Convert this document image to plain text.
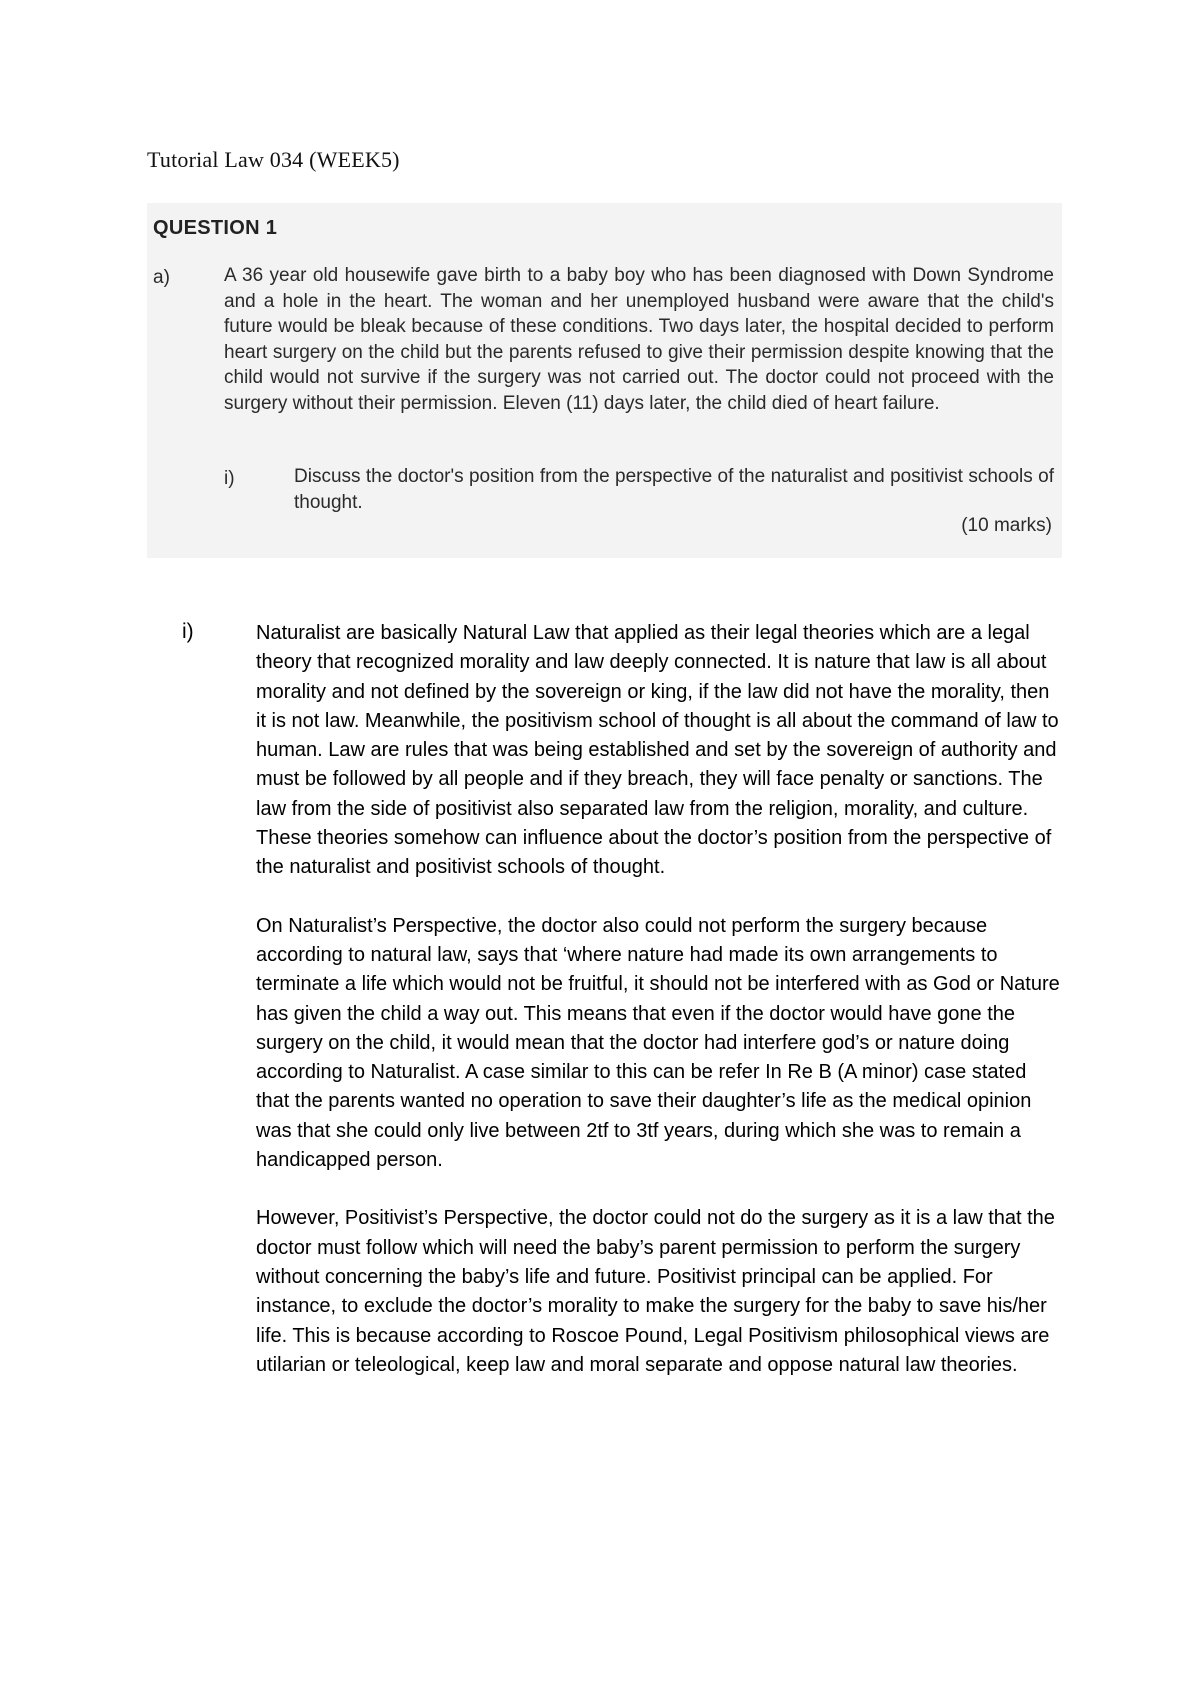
Tutorial Law 034 (WEEK5)
QUESTION 1
a)	A 36 year old housewife gave birth to a baby boy who has been diagnosed with Down Syndrome and a hole in the heart. The woman and her unemployed husband were aware that the child's future would be bleak because of these conditions. Two days later, the hospital decided to perform heart surgery on the child but the parents refused to give their permission despite knowing that the child would not survive if the surgery was not carried out. The doctor could not proceed with the surgery without their permission. Eleven (11) days later, the child died of heart failure.
i)	Discuss the doctor's position from the perspective of the naturalist and positivist schools of thought.
(10 marks)
i)	Naturalist are basically Natural Law that applied as their legal theories which are a legal theory that recognized morality and law deeply connected. It is nature that law is all about morality and not defined by the sovereign or king, if the law did not have the morality, then it is not law. Meanwhile, the positivism school of thought is all about the command of law to human. Law are rules that was being established and set by the sovereign of authority and must be followed by all people and if they breach, they will face penalty or sanctions. The law from the side of positivist also separated law from the religion, morality, and culture. These theories somehow can influence about the doctor’s position from the perspective of the naturalist and positivist schools of thought.

On Naturalist’s Perspective, the doctor also could not perform the surgery because according to natural law, says that ‘where nature had made its own arrangements to terminate a life which would not be fruitful, it should not be interfered with as God or Nature has given the child a way out. This means that even if the doctor would have gone the surgery on the child, it would mean that the doctor had interfere god’s or nature doing according to Naturalist. A case similar to this can be refer In Re B (A minor) case stated that the parents wanted no operation to save their daughter’s life as the medical opinion was that she could only live between 2tf to 3tf years, during which she was to remain a handicapped person.

However, Positivist’s Perspective, the doctor could not do the surgery as it is a law that the doctor must follow which will need the baby’s parent permission to perform the surgery without concerning the baby’s life and future. Positivist principal can be applied. For instance, to exclude the doctor’s morality to make the surgery for the baby to save his/her life. This is because according to Roscoe Pound, Legal Positivism philosophical views are utilarian or teleological, keep law and moral separate and oppose natural law theories.
